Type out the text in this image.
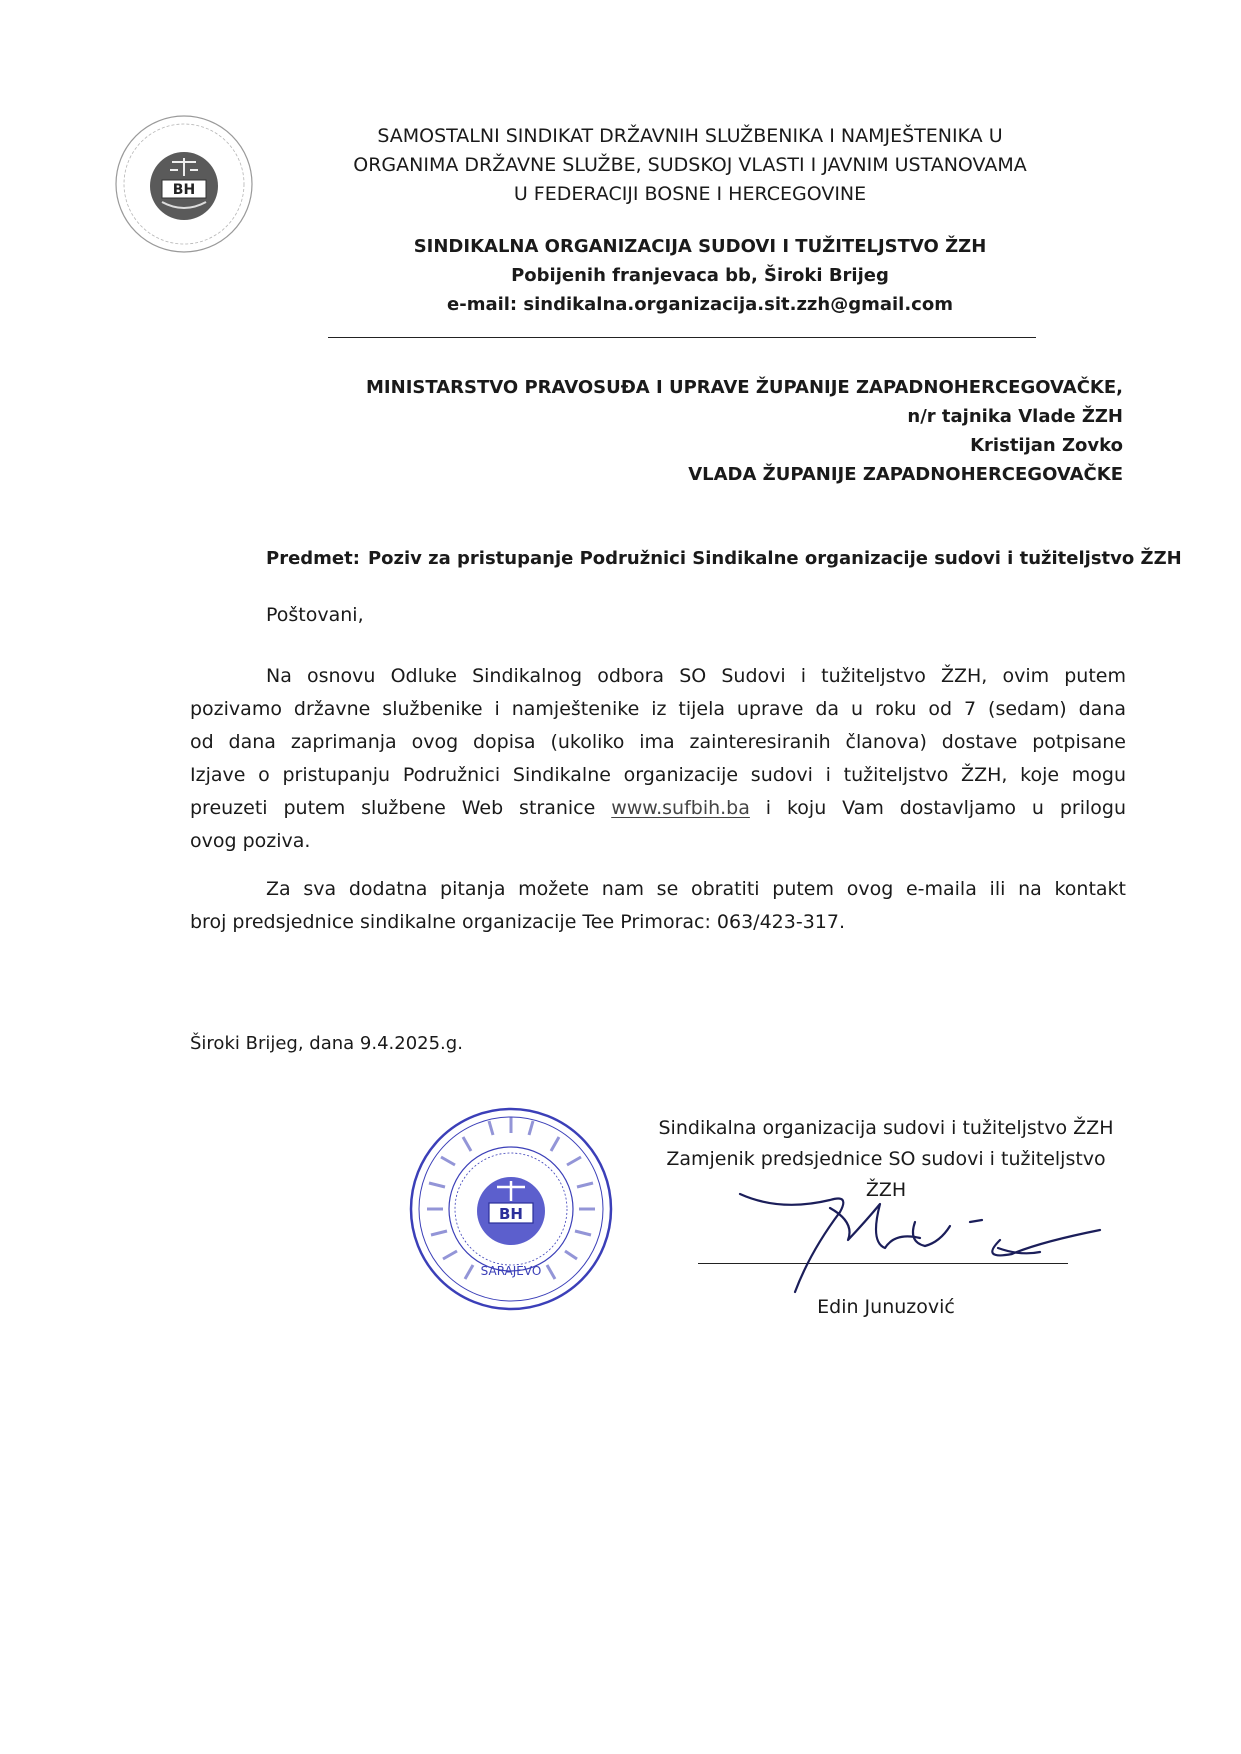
BH
SAMOSTALNI SINDIKAT DRŽAVNIH SLUŽBENIKA I NAMJEŠTENIKA U
ORGANIMA DRŽAVNE SLUŽBE, SUDSKOJ VLASTI I JAVNIM USTANOVAMA
U FEDERACIJI BOSNE I HERCEGOVINE
SINDIKALNA ORGANIZACIJA SUDOVI I TUŽITELJSTVO ŽZH
Pobijenih franjevaca bb, Široki Brijeg
e-mail: sindikalna.organizacija.sit.zzh@gmail.com
MINISTARSTVO PRAVOSUĐA I UPRAVE ŽUPANIJE ZAPADNOHERCEGOVAČKE,
n/r tajnika Vlade ŽZH
Kristijan Zovko
VLADA ŽUPANIJE ZAPADNOHERCEGOVAČKE
Predmet: Poziv za pristupanje Podružnici Sindikalne organizacije sudovi i tužiteljstvo ŽZH
Poštovani,

Na osnovu Odluke Sindikalnog odbora SO Sudovi i tužiteljstvo ŽZH, ovim putem

pozivamo državne službenike i namještenike iz tijela uprave da u roku od 7 (sedam) dana

od dana zaprimanja ovog dopisa (ukoliko ima zainteresiranih članova) dostave potpisane

Izjave o pristupanju Podružnici Sindikalne organizacije sudovi i tužiteljstvo ŽZH, koje mogu

preuzeti putem službene Web stranice www.sufbih.ba i koju Vam dostavljamo u prilogu

ovog poziva.

Za sva dodatna pitanja možete nam se obratiti putem ovog e-maila ili na kontakt

broj predsjednice sindikalne organizacije Tee Primorac: 063/423-317.

Široki Brijeg, dana 9.4.2025.g.
Sindikalna organizacija sudovi i tužiteljstvo ŽZH
Zamjenik predsjednice SO sudovi i tužiteljstvo
ŽZH
Edin Junuzović
BH
SARAJEVO
